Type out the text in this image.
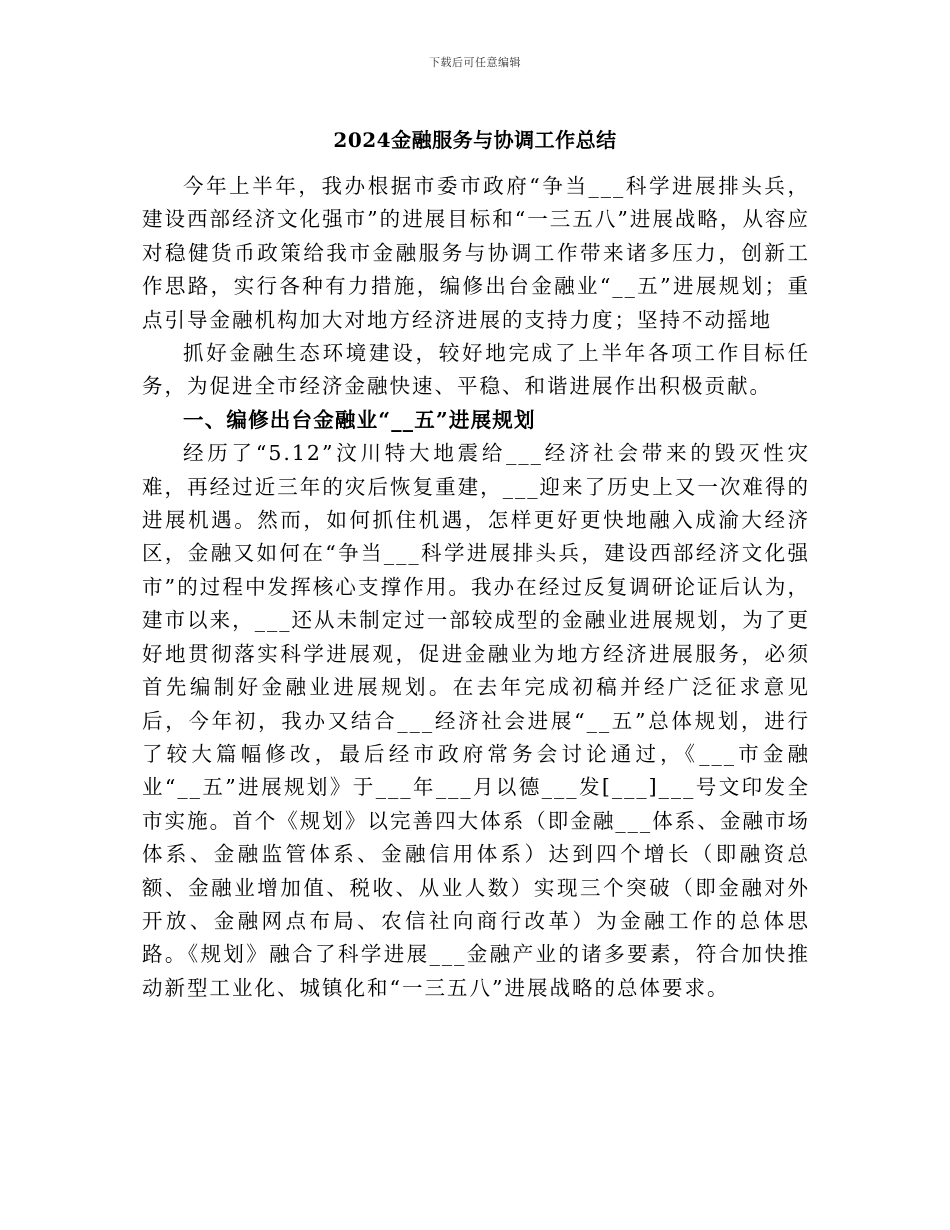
下载后可任意编辑
2024金融服务与协调工作总结

今年上半年，我办根据市委市政府“争当___科学进展排头兵，建设西部经济文化强市”的进展目标和“一三五八”进展战略，从容应对稳健货币政策给我市金融服务与协调工作带来诸多压力，创新工作思路，实行各种有力措施，编修出台金融业“__五”进展规划；重点引导金融机构加大对地方经济进展的支持力度；坚持不动摇地

抓好金融生态环境建设，较好地完成了上半年各项工作目标任务，为促进全市经济金融快速、平稳、和谐进展作出积极贡献。

一、编修出台金融业“__五”进展规划

经历了“5.12”汶川特大地震给___经济社会带来的毁灭性灾难，再经过近三年的灾后恢复重建，___迎来了历史上又一次难得的进展机遇。然而，如何抓住机遇，怎样更好更快地融入成渝大经济区，金融又如何在“争当___科学进展排头兵，建设西部经济文化强市”的过程中发挥核心支撑作用。我办在经过反复调研论证后认为，建市以来，___还从未制定过一部较成型的金融业进展规划，为了更好地贯彻落实科学进展观，促进金融业为地方经济进展服务，必须首先编制好金融业进展规划。在去年完成初稿并经广泛征求意见后，今年初，我办又结合___经济社会进展“__五”总体规划，进行了较大篇幅修改，最后经市政府常务会讨论通过，《___市金融业“__五”进展规划》于___年___月以德___发[___]___号文印发全市实施。首个《规划》以完善四大体系（即金融___体系、金融市场体系、金融监管体系、金融信用体系）达到四个增长（即融资总额、金融业增加值、税收、从业人数）实现三个突破（即金融对外开放、金融网点布局、农信社向商行改革）为金融工作的总体思路。《规划》融合了科学进展___金融产业的诸多要素，符合加快推动新型工业化、城镇化和“一三五八”进展战略的总体要求。
